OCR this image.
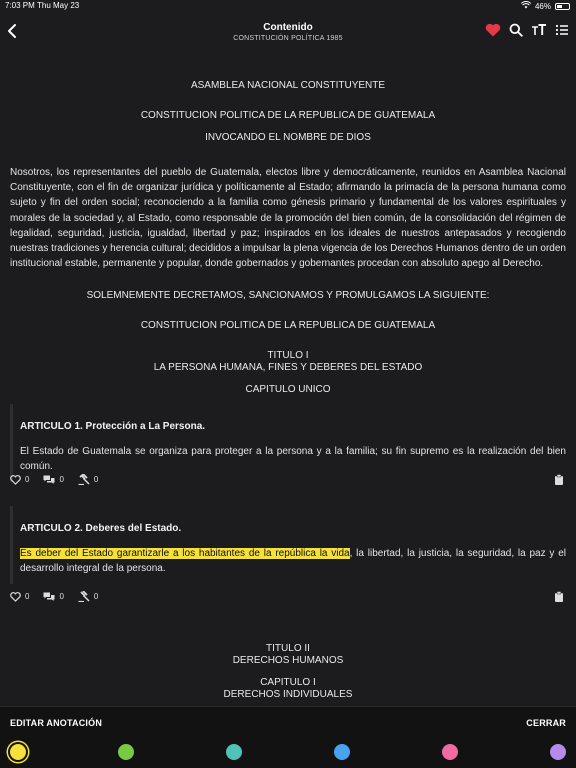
7:03 PM Thu May 23	46%
Contenido
CONSTITUCIÓN POLÍTICA 1985
ASAMBLEA NACIONAL CONSTITUYENTE
CONSTITUCION POLITICA DE LA REPUBLICA DE GUATEMALA
INVOCANDO EL NOMBRE DE DIOS
Nosotros, los representantes del pueblo de Guatemala, electos libre y democráticamente, reunidos en Asamblea Nacional Constituyente, con el fin de organizar jurídica y políticamente al Estado; afirmando la primacía de la persona humana como sujeto y fin del orden social; reconociendo a la familia como génesis primario y fundamental de los valores espirituales y morales de la sociedad y, al Estado, como responsable de la promoción del bien común, de la consolidación del régimen de legalidad, seguridad, justicia, igualdad, libertad y paz; inspirados en los ideales de nuestros antepasados y recogiendo nuestras tradiciones y herencia cultural; decididos a impulsar la plena vigencia de los Derechos Humanos dentro de un orden institucional estable, permanente y popular, donde gobernados y gobernantes procedan con absoluto apego al Derecho.
SOLEMNEMENTE DECRETAMOS, SANCIONAMOS Y PROMULGAMOS LA SIGUIENTE:
CONSTITUCION POLITICA DE LA REPUBLICA DE GUATEMALA
TITULO I
LA PERSONA HUMANA, FINES Y DEBERES DEL ESTADO
CAPITULO UNICO
ARTICULO 1. Protección a La Persona.
El Estado de Guatemala se organiza para proteger a la persona y a la familia; su fin supremo es la realización del bien común.
0	0	0
ARTICULO 2. Deberes del Estado.
Es deber del Estado garantizarle a los habitantes de la república la vida, la libertad, la justicia, la seguridad, la paz y el desarrollo integral de la persona.
0	0	0
TITULO II
DERECHOS HUMANOS
CAPITULO I
DERECHOS INDIVIDUALES
EDITAR ANOTACIÓN	CERRAR
